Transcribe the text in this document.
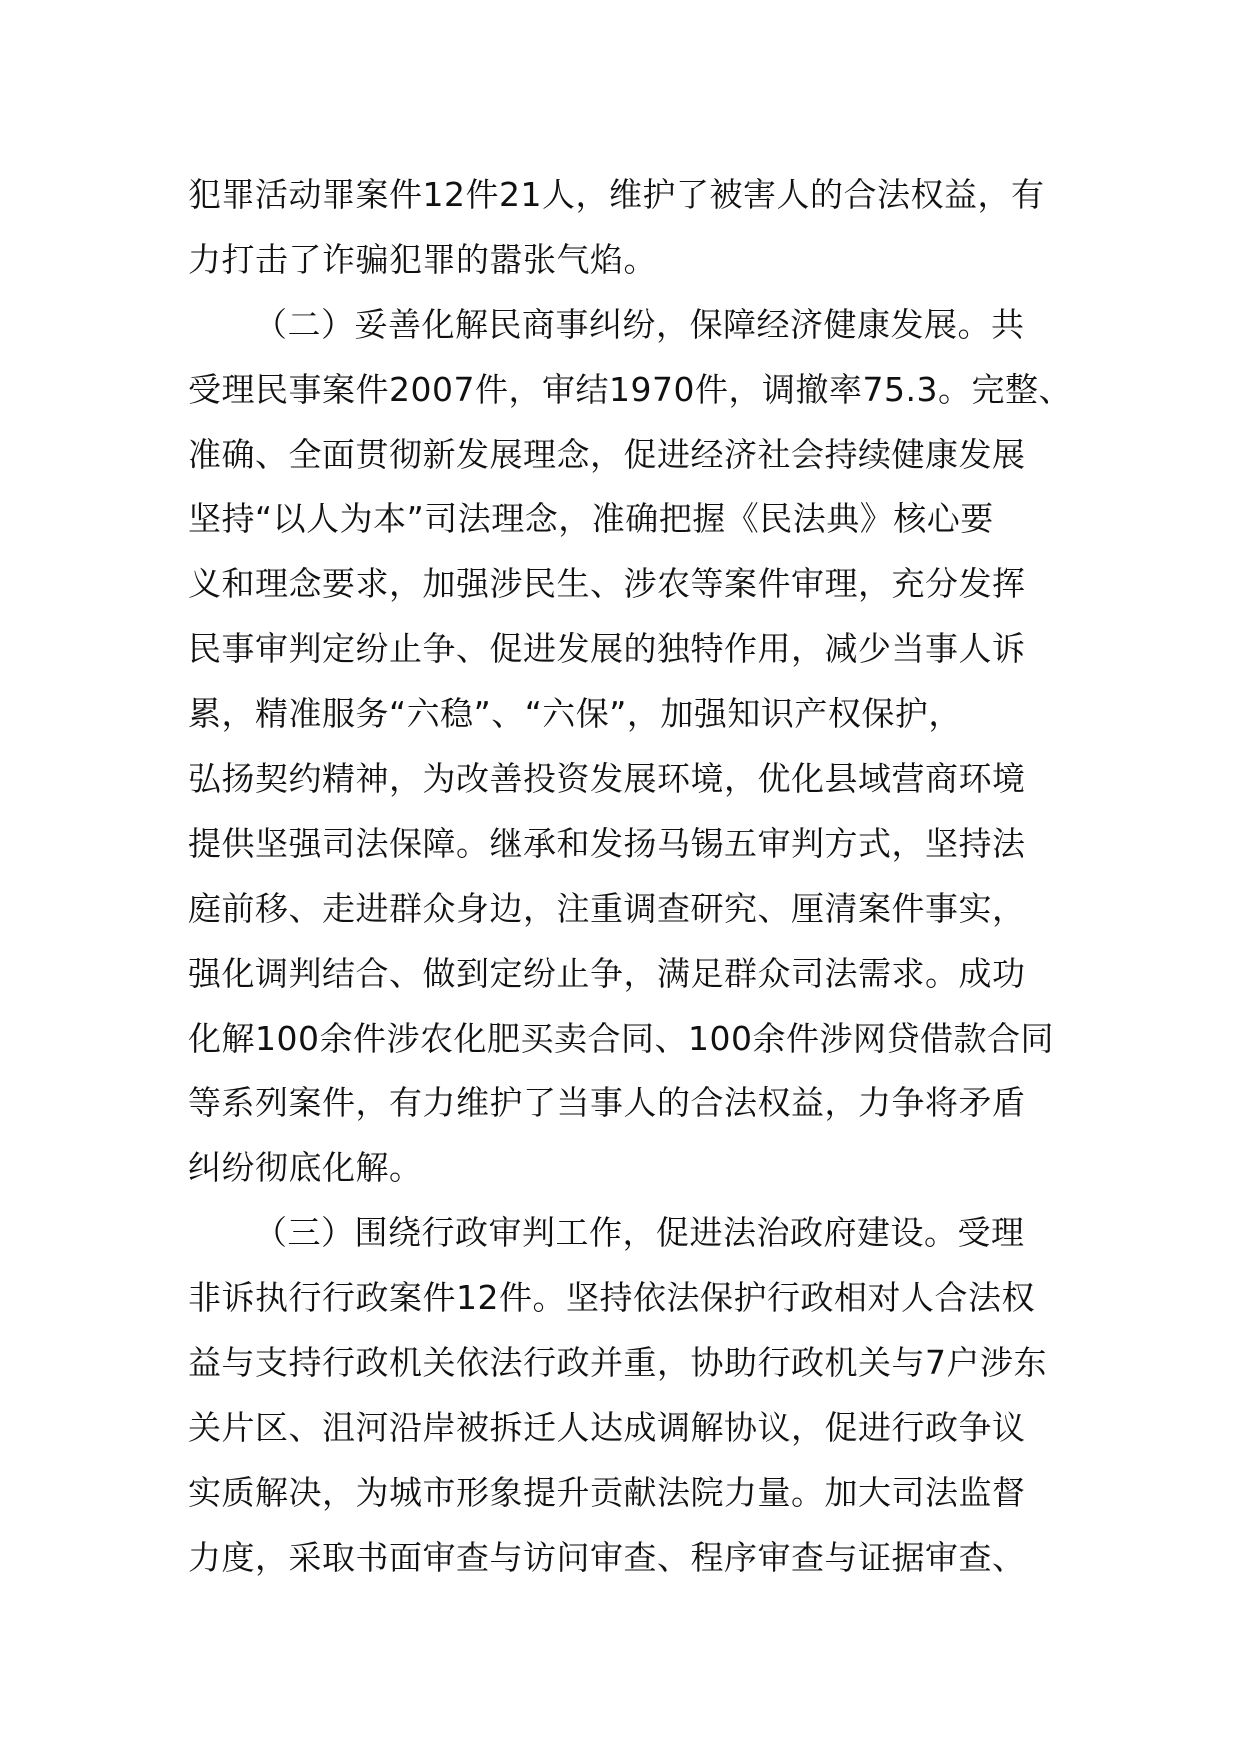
犯罪活动罪案件12件21人，维护了被害人的合法权益，有
力打击了诈骗犯罪的嚣张气焰。
（二）妥善化解民商事纠纷，保障经济健康发展。共
受理民事案件2007件，审结1970件，调撤率75.3。完整、
准确、全面贯彻新发展理念，促进经济社会持续健康发展
坚持“以人为本”司法理念，准确把握《民法典》核心要
义和理念要求，加强涉民生、涉农等案件审理，充分发挥
民事审判定纷止争、促进发展的独特作用，减少当事人诉
累，精准服务“六稳”、“六保”，加强知识产权保护，
弘扬契约精神，为改善投资发展环境，优化县域营商环境
提供坚强司法保障。继承和发扬马锡五审判方式，坚持法
庭前移、走进群众身边，注重调查研究、厘清案件事实，
强化调判结合、做到定纷止争，满足群众司法需求。成功
化解100余件涉农化肥买卖合同、100余件涉网贷借款合同
等系列案件，有力维护了当事人的合法权益，力争将矛盾
纠纷彻底化解。
（三）围绕行政审判工作，促进法治政府建设。受理
非诉执行行政案件12件。坚持依法保护行政相对人合法权
益与支持行政机关依法行政并重，协助行政机关与7户涉东
关片区、沮河沿岸被拆迁人达成调解协议，促进行政争议
实质解决，为城市形象提升贡献法院力量。加大司法监督
力度，采取书面审查与访问审查、程序审查与证据审查、
